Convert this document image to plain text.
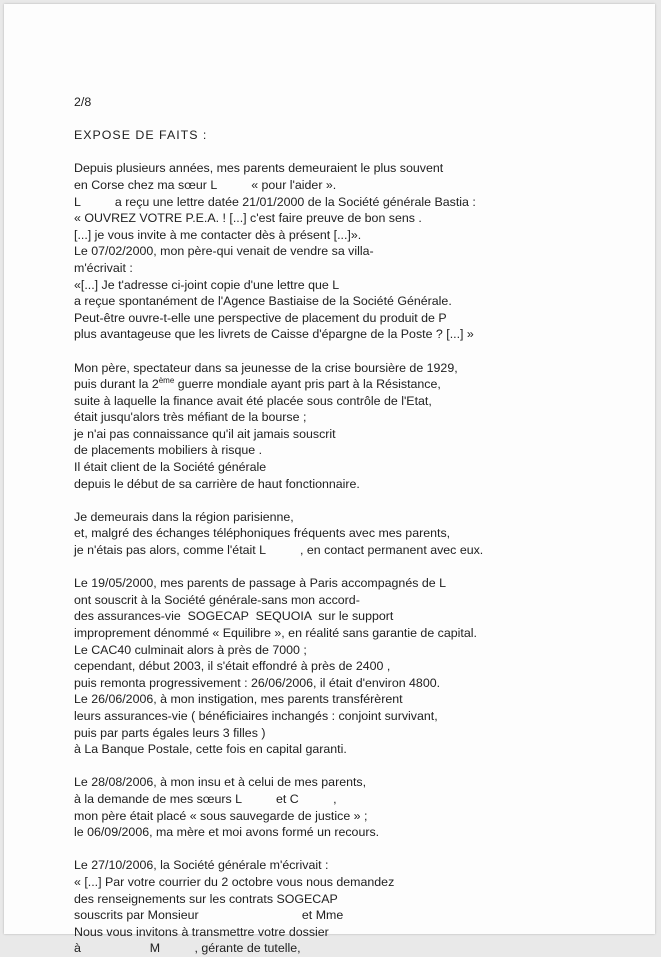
2/8
EXPOSE DE FAITS :
Depuis plusieurs années, mes parents demeuraient le plus souvent
en Corse chez ma sœur L          « pour l'aider ».
L          a reçu une lettre datée 21/01/2000 de la Société générale Bastia :
« OUVREZ VOTRE P.E.A. ! [...] c'est faire preuve de bon sens .
[...] je vous invite à me contacter dès à présent [...]».
Le 07/02/2000, mon père-qui venait de vendre sa villa-
m'écrivait :
«[...] Je t'adresse ci-joint copie d'une lettre que L
a reçue spontanément de l'Agence Bastiaise de la Société Générale.
Peut-être ouvre-t-elle une perspective de placement du produit de P
plus avantageuse que les livrets de Caisse d'épargne de la Poste ? [...] »
Mon père, spectateur dans sa jeunesse de la crise boursière de 1929,
puis durant la 2ème guerre mondiale ayant pris part à la Résistance,
suite à laquelle la finance avait été placée sous contrôle de l'Etat,
était jusqu'alors très méfiant de la bourse ;
je n'ai pas connaissance qu'il ait jamais souscrit
de placements mobiliers à risque .
Il était client de la Société générale
depuis le début de sa carrière de haut fonctionnaire.
Je demeurais dans la région parisienne,
et, malgré des échanges téléphoniques fréquents avec mes parents,
je n'étais pas alors, comme l'était L          , en contact permanent avec eux.
Le 19/05/2000, mes parents de passage à Paris accompagnés de L
ont souscrit à la Société générale-sans mon accord-
des assurances-vie  SOGECAP  SEQUOIA  sur le support
improprement dénommé « Equilibre », en réalité sans garantie de capital.
Le CAC40 culminait alors à près de 7000 ;
cependant, début 2003, il s'était effondré à près de 2400 ,
puis remonta progressivement : 26/06/2006, il était d'environ 4800.
Le 26/06/2006, à mon instigation, mes parents transférèrent
leurs assurances-vie ( bénéficiaires inchangés : conjoint survivant,
puis par parts égales leurs 3 filles )
à La Banque Postale, cette fois en capital garanti.
Le 28/08/2006, à mon insu et à celui de mes parents,
à la demande de mes sœurs L          et C          ,
mon père était placé « sous sauvegarde de justice » ;
le 06/09/2006, ma mère et moi avons formé un recours.
Le 27/10/2006, la Société générale m'écrivait :
« [...] Par votre courrier du 2 octobre vous nous demandez
des renseignements sur les contrats SOGECAP
souscrits par Monsieur                              et Mme
Nous vous invitons à transmettre votre dossier
à                    M          , gérante de tutelle,
